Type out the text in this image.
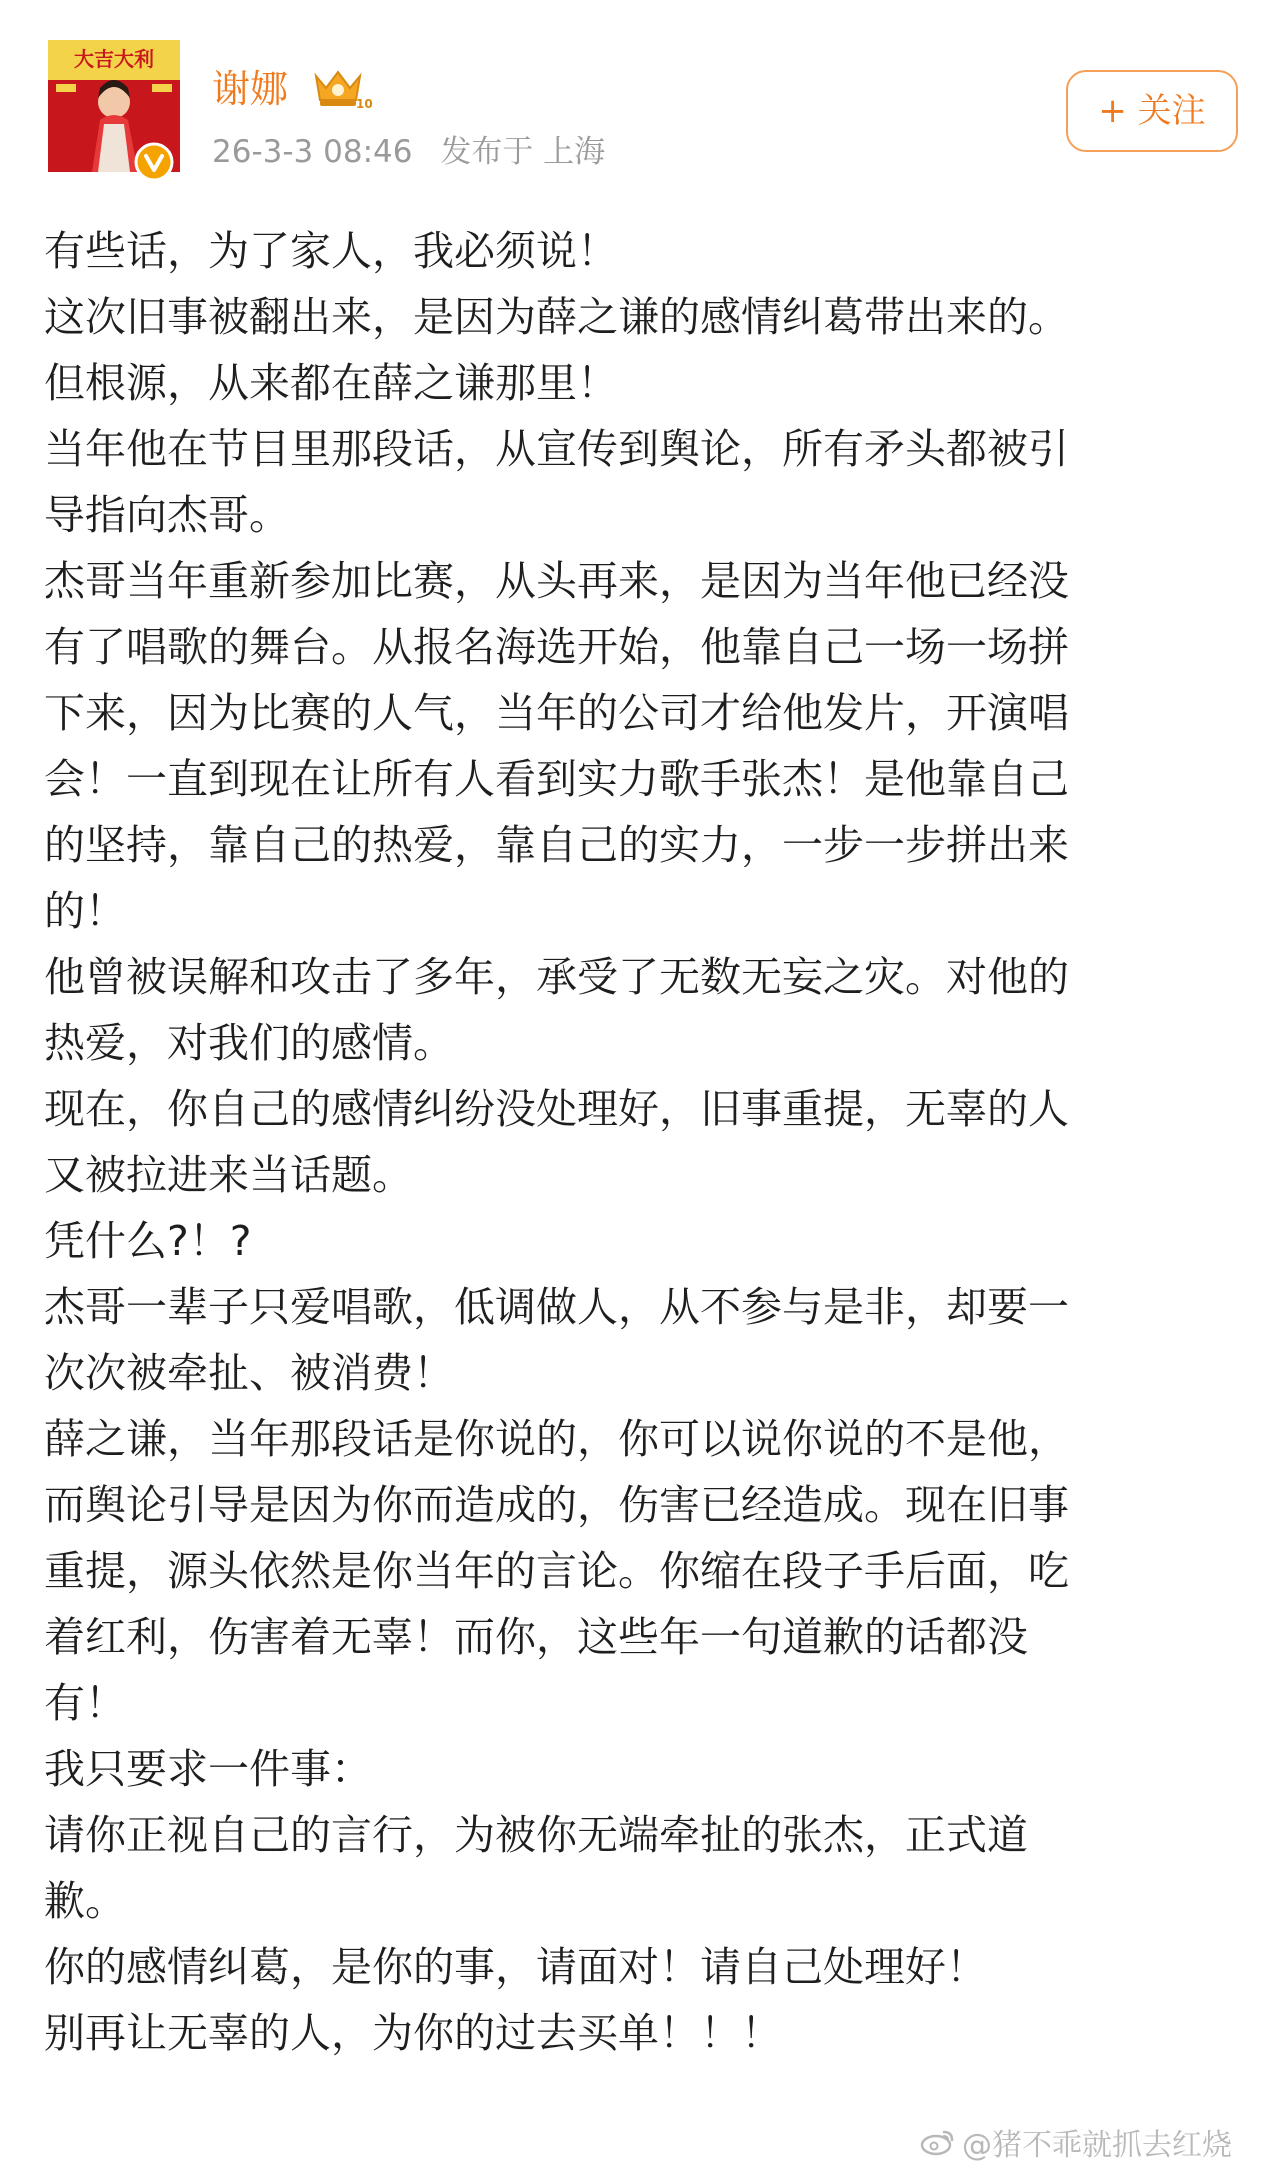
大吉大利
谢娜	10
26-3-3 08:46 发布于 上海
+ 关注
有些话，为了家人，我必须说！
这次旧事被翻出来，是因为薛之谦的感情纠葛带出来的。
但根源，从来都在薛之谦那里！
当年他在节目里那段话，从宣传到舆论，所有矛头都被引
导指向杰哥。
杰哥当年重新参加比赛，从头再来，是因为当年他已经没
有了唱歌的舞台。从报名海选开始，他靠自己一场一场拼
下来，因为比赛的人气，当年的公司才给他发片，开演唱
会！一直到现在让所有人看到实力歌手张杰！是他靠自己
的坚持，靠自己的热爱，靠自己的实力，一步一步拼出来
的！
他曾被误解和攻击了多年，承受了无数无妄之灾。对他的
热爱，对我们的感情。
现在，你自己的感情纠纷没处理好，旧事重提，无辜的人
又被拉进来当话题。
凭什么?！?
杰哥一辈子只爱唱歌，低调做人，从不参与是非，却要一
次次被牵扯、被消费！
薛之谦，当年那段话是你说的，你可以说你说的不是他，
而舆论引导是因为你而造成的，伤害已经造成。现在旧事
重提，源头依然是你当年的言论。你缩在段子手后面，吃
着红利，伤害着无辜！而你，这些年一句道歉的话都没
有！
我只要求一件事：
请你正视自己的言行，为被你无端牵扯的张杰，正式道
歉。
你的感情纠葛，是你的事，请面对！请自己处理好！
别再让无辜的人，为你的过去买单！！！
@猪不乖就抓去红烧
